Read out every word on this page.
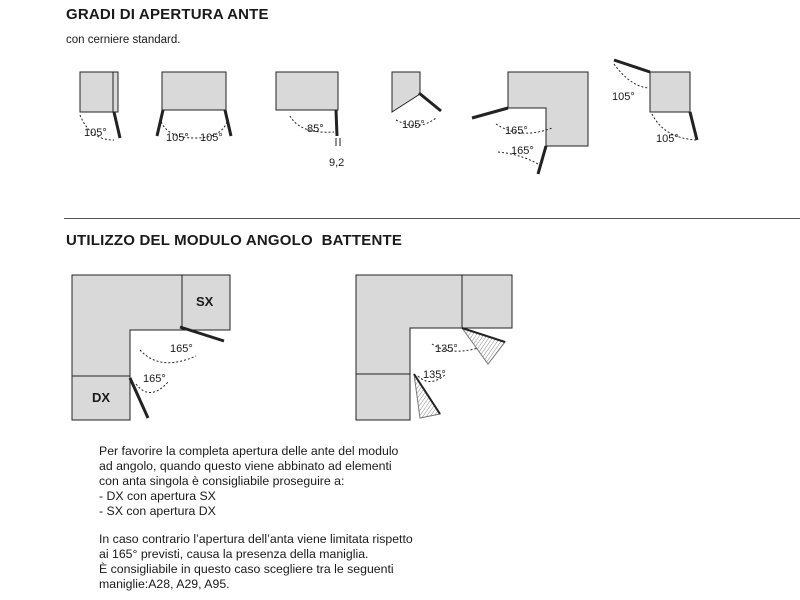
GRADI DI APERTURA ANTE
con cerniere standard.
UTILIZZO DEL MODULO ANGOLO  BATTENTE
105°	105° 105°
85°
9,2
105°	165°
165°
105°
105°
165°
165°
135°
135°
SX
DX
Per favorire la completa apertura delle ante del modulo
ad angolo, quando questo viene abbinato ad elementi
con anta singola è consigliabile proseguire a:
- DX con apertura SX
- SX con apertura DX
In caso contrario l’apertura dell’anta viene limitata rispetto
ai 165° previsti, causa la presenza della maniglia.
È consigliabile in questo caso scegliere tra le seguenti
maniglie:A28, A29, A95.
